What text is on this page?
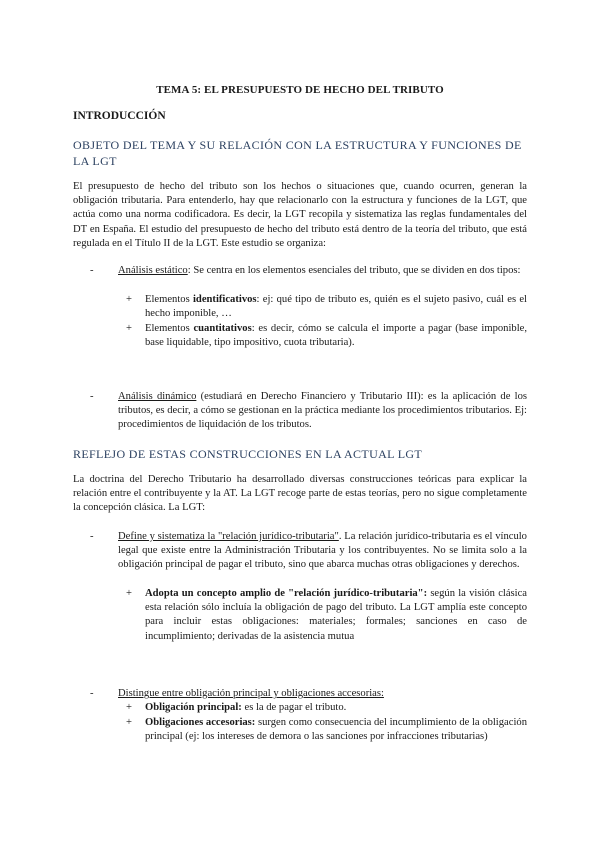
TEMA 5: EL PRESUPUESTO DE HECHO DEL TRIBUTO
INTRODUCCIÓN
OBJETO DEL TEMA Y SU RELACIÓN CON LA ESTRUCTURA Y FUNCIONES DE LA LGT
El presupuesto de hecho del tributo son los hechos o situaciones que, cuando ocurren, generan la obligación tributaria. Para entenderlo, hay que relacionarlo con la estructura y funciones de la LGT, que actúa como una norma codificadora. Es decir, la LGT recopila y sistematiza las reglas fundamentales del DT en España. El estudio del presupuesto de hecho del tributo está dentro de la teoría del tributo, que está regulada en el Título II de la LGT. Este estudio se organiza:
- Análisis estático: Se centra en los elementos esenciales del tributo, que se dividen en dos tipos:
+ Elementos identificativos: ej: qué tipo de tributo es, quién es el sujeto pasivo, cuál es el hecho imponible, …
+ Elementos cuantitativos: es decir, cómo se calcula el importe a pagar (base imponible, base liquidable, tipo impositivo, cuota tributaria).
- Análisis dinámico (estudiará en Derecho Financiero y Tributario III): es la aplicación de los tributos, es decir, a cómo se gestionan en la práctica mediante los procedimientos tributarios. Ej: procedimientos de liquidación de los tributos.
REFLEJO DE ESTAS CONSTRUCCIONES EN LA ACTUAL LGT
La doctrina del Derecho Tributario ha desarrollado diversas construcciones teóricas para explicar la relación entre el contribuyente y la AT. La LGT recoge parte de estas teorías, pero no sigue completamente la concepción clásica. La LGT:
- Define y sistematiza la "relación jurídico-tributaria". La relación jurídico-tributaria es el vínculo legal que existe entre la Administración Tributaria y los contribuyentes. No se limita solo a la obligación principal de pagar el tributo, sino que abarca muchas otras obligaciones y derechos.
+ Adopta un concepto amplio de "relación jurídico-tributaria": según la visión clásica esta relación sólo incluía la obligación de pago del tributo. La LGT amplía este concepto para incluir estas obligaciones: materiales; formales; sanciones en caso de incumplimiento; derivadas de la asistencia mutua
- Distingue entre obligación principal y obligaciones accesorias:
+ Obligación principal: es la de pagar el tributo.
+ Obligaciones accesorias: surgen como consecuencia del incumplimiento de la obligación principal (ej: los intereses de demora o las sanciones por infracciones tributarias)
